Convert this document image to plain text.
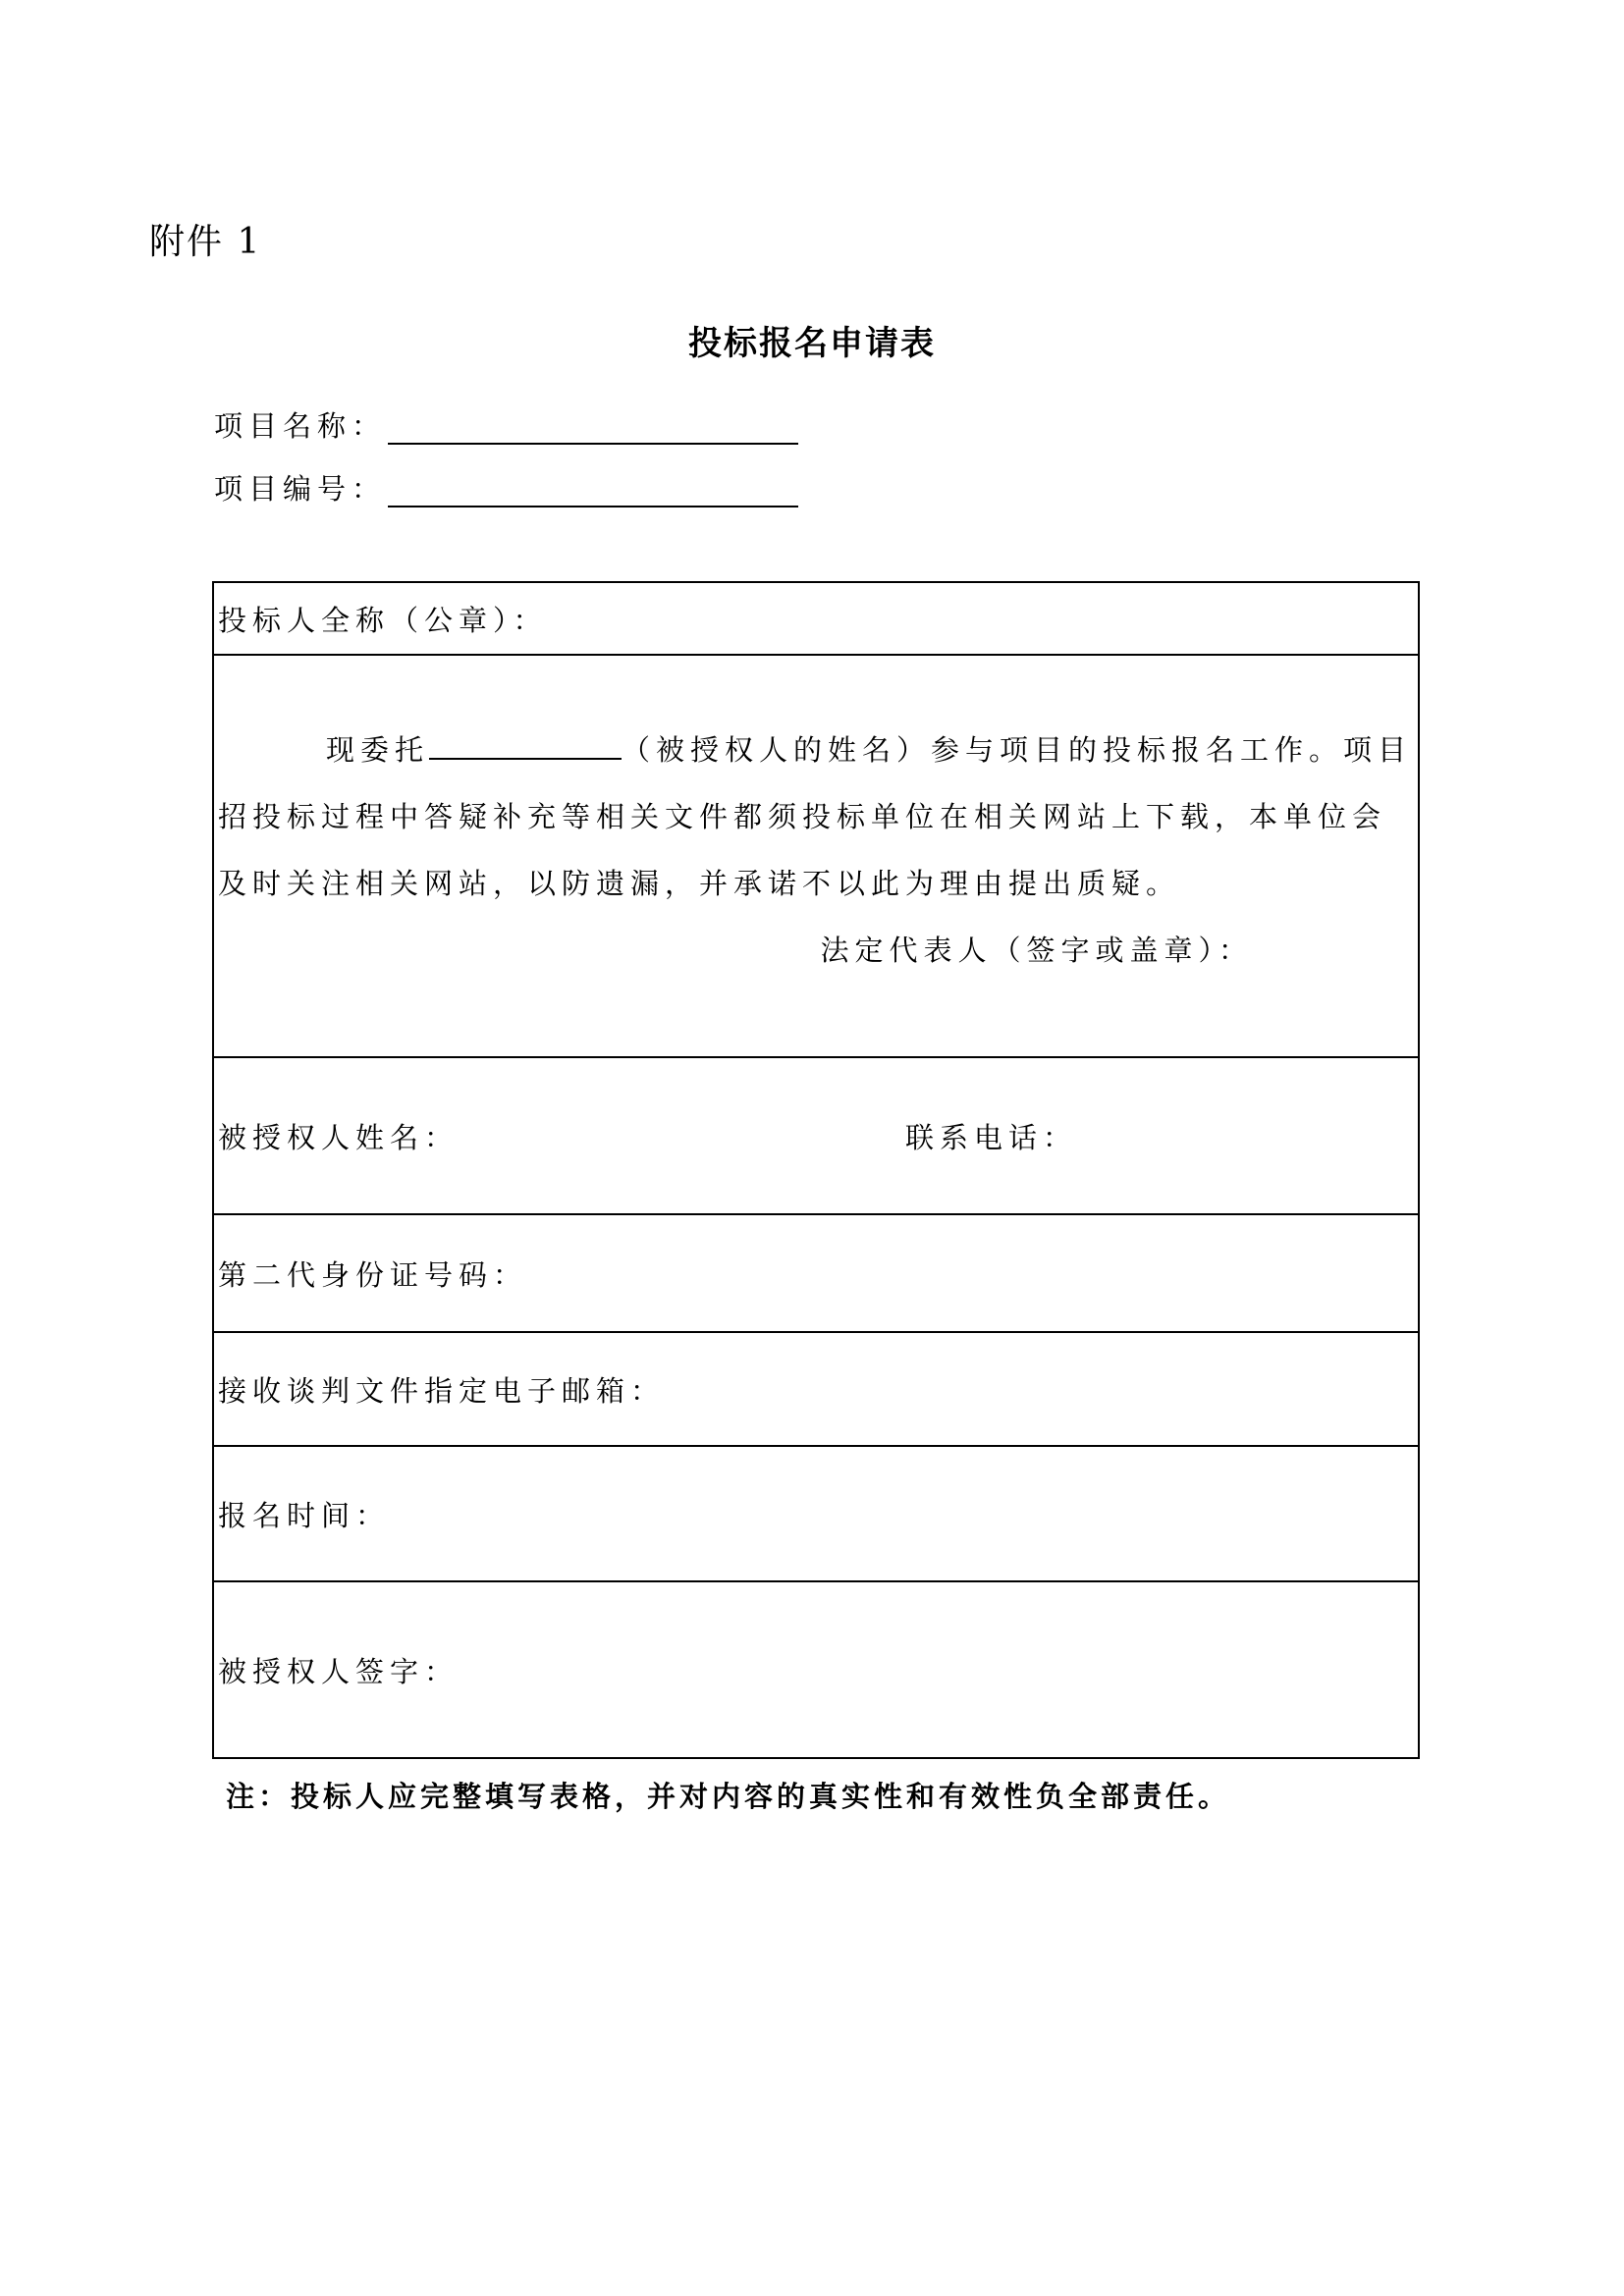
附件 1
投标报名申请表
项目名称：
项目编号：
投标人全称（公章）：

现委托	（被授权人的姓名）参与项目的投标报名工作。项目招投标过程中答疑补充等相关文件都须投标单位在相关网站上下载，本单位会及时关注相关网站，以防遗漏，并承诺不以此为理由提出质疑。

法定代表人（签字或盖章）：

被授权人姓名：	联系电话：

第二代身份证号码：
接收谈判文件指定电子邮箱：
报名时间：
被授权人签字：
注：投标人应完整填写表格，并对内容的真实性和有效性负全部责任。
